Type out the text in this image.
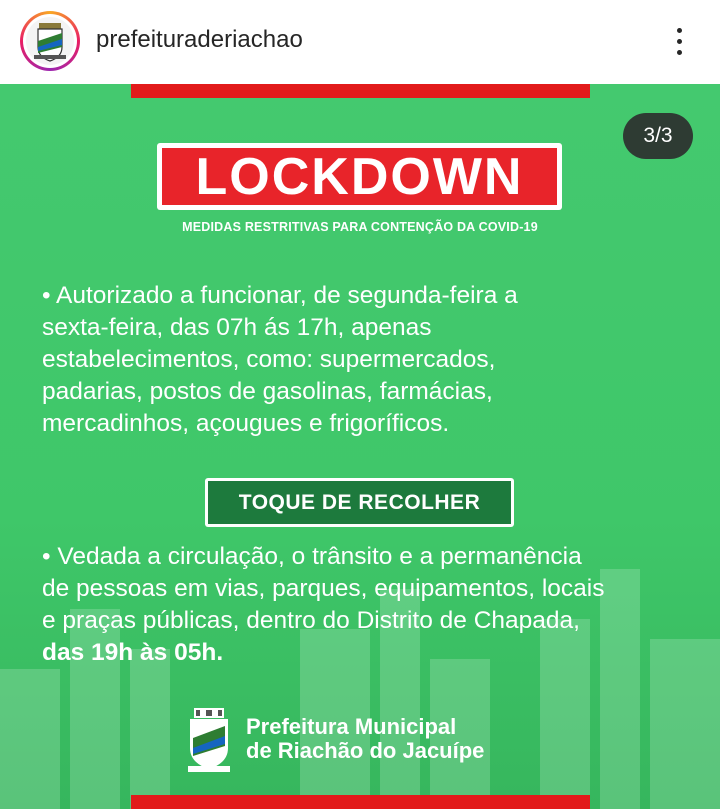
prefeituraderiachao
3/3
LOCKDOWN
MEDIDAS RESTRITIVAS PARA CONTENÇÃO DA COVID-19
• Autorizado a funcionar, de segunda-feira a
sexta-feira, das 07h ás 17h, apenas
estabelecimentos, como: supermercados,
padarias, postos de gasolinas, farmácias,
mercadinhos, açougues e frigoríficos.
TOQUE DE RECOLHER
• Vedada a circulação, o trânsito e a permanência
de pessoas em vias, parques, equipamentos, locais
e praças públicas, dentro do Distrito de Chapada,
das 19h às 05h.
Prefeitura Municipal
de Riachão do Jacuípe
